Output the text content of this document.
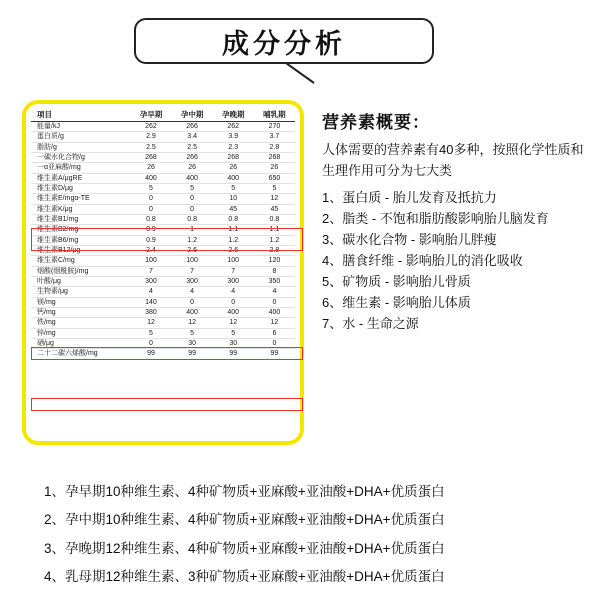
成分分析
项目	孕早期	孕中期	孕晚期	哺乳期
能量/kJ	262	266	262	270
蛋白质/g	2.9	3.4	3.9	3.7
脂肪/g	2.5	2.5	2.3	2.8
一碳水化合物/g	268	266	268	268
一α亚麻酸/mg	26	26	26	26
维生素A/μgRE	400	400	400	650
维生素D/μg	5	5	5	5
维生素E/mgα-TE	0	0	10	12
维生素K/μg	0	0	45	45
维生素B1/mg	0.8	0.8	0.8	0.8
维生素B2/mg	0.9	1	1.1	1.1
维生素B6/mg	0.9	1.2	1.2	1.2
维生素B12/μg	2.4	2.6	2.6	2.8
维生素C/mg	100	100	100	120
烟酸(烟酰胺)/mg	7	7	7	8
叶酸/μg	300	300	300	350
生物素/μg	4	4	4	4
镁/mg	140	0	0	0
钙/mg	380	400	400	400
铁/mg	12	12	12	12
锌/mg	5	5	5	6
硒/μg	0	30	30	0
二十二碳六烯酸/mg	99	99	99	99
营养素概要：
人体需要的营养素有40多种，按照化学性质和生理作用可分为七大类
1、蛋白质 - 胎儿发育及抵抗力
2、脂类 - 不饱和脂肪酸影响胎儿脑发育
3、碳水化合物 - 影响胎儿胖瘦
4、膳食纤维 - 影响胎儿的消化吸收
5、矿物质 - 影响胎儿骨质
6、维生素 - 影响胎儿体质
7、水 - 生命之源
1、孕早期10种维生素、4种矿物质+亚麻酸+亚油酸+DHA+优质蛋白
2、孕中期10种维生素、4种矿物质+亚麻酸+亚油酸+DHA+优质蛋白
3、孕晚期12种维生素、4种矿物质+亚麻酸+亚油酸+DHA+优质蛋白
4、乳母期12种维生素、3种矿物质+亚麻酸+亚油酸+DHA+优质蛋白
